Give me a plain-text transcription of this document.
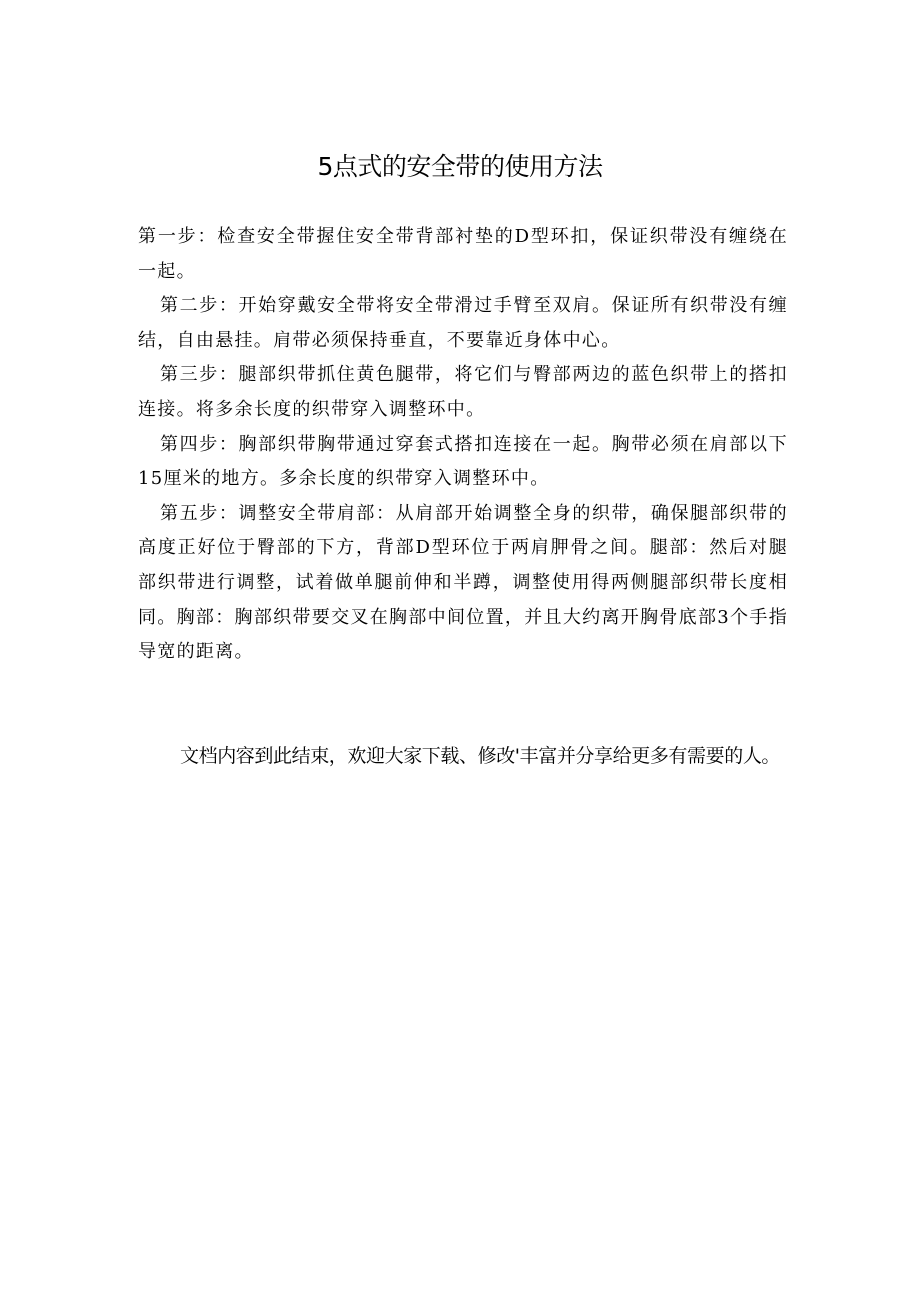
5点式的安全带的使用方法

第一步：检查安全带握住安全带背部衬垫的D型环扣，保证织带没有缠绕在一起。

第二步：开始穿戴安全带将安全带滑过手臂至双肩。保证所有织带没有缠结，自由悬挂。肩带必须保持垂直，不要靠近身体中心。

第三步：腿部织带抓住黄色腿带，将它们与臀部两边的蓝色织带上的搭扣连接。将多余长度的织带穿入调整环中。

第四步：胸部织带胸带通过穿套式搭扣连接在一起。胸带必须在肩部以下15厘米的地方。多余长度的织带穿入调整环中。

第五步：调整安全带肩部：从肩部开始调整全身的织带，确保腿部织带的高度正好位于臀部的下方，背部D型环位于两肩胛骨之间。腿部：然后对腿部织带进行调整，试着做单腿前伸和半蹲，调整使用得两侧腿部织带长度相同。胸部：胸部织带要交叉在胸部中间位置，并且大约离开胸骨底部3个手指导宽的距离。

文档内容到此结束，欢迎大家下载、修改'丰富并分享给更多有需要的人。
